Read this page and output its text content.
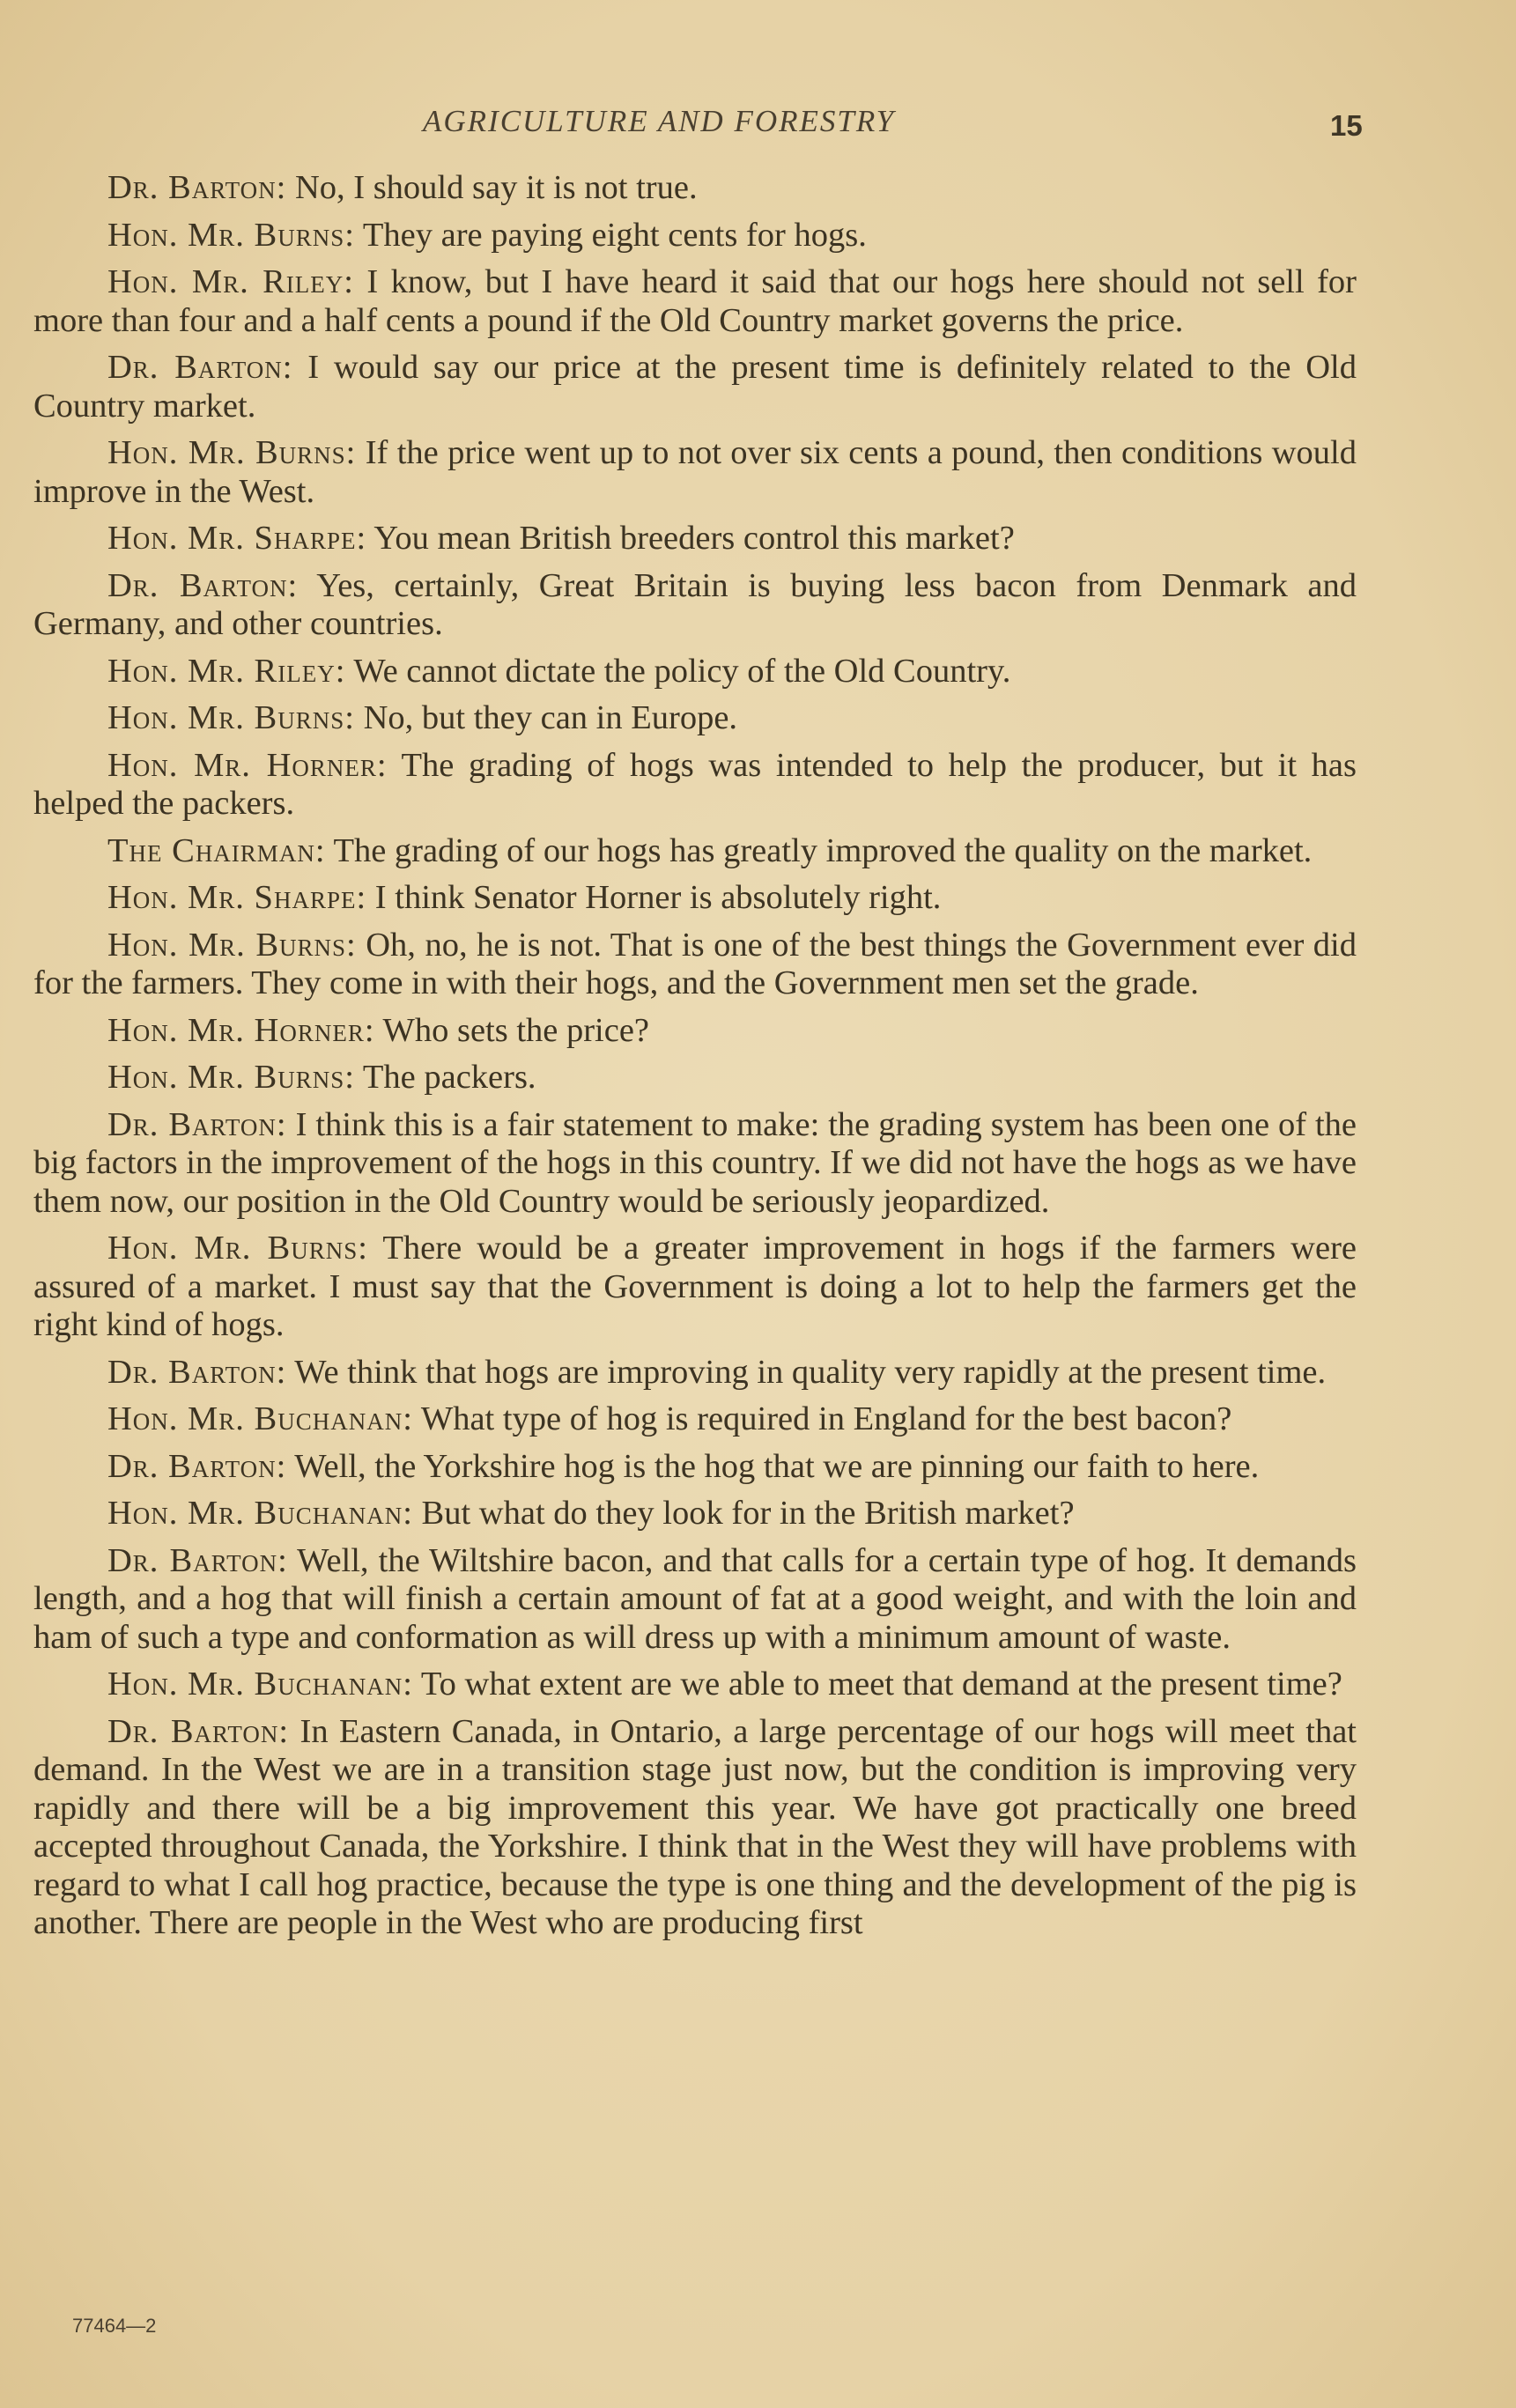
AGRICULTURE AND FORESTRY	15

Dr. Barton: No, I should say it is not true.

Hon. Mr. Burns: They are paying eight cents for hogs.

Hon. Mr. Riley: I know, but I have heard it said that our hogs here should not sell for more than four and a half cents a pound if the Old Country market governs the price.

Dr. Barton: I would say our price at the present time is definitely related to the Old Country market.

Hon. Mr. Burns: If the price went up to not over six cents a pound, then conditions would improve in the West.

Hon. Mr. Sharpe: You mean British breeders control this market?

Dr. Barton: Yes, certainly, Great Britain is buying less bacon from Denmark and Germany, and other countries.

Hon. Mr. Riley: We cannot dictate the policy of the Old Country.

Hon. Mr. Burns: No, but they can in Europe.

Hon. Mr. Horner: The grading of hogs was intended to help the producer, but it has helped the packers.

The Chairman: The grading of our hogs has greatly improved the quality on the market.

Hon. Mr. Sharpe: I think Senator Horner is absolutely right.

Hon. Mr. Burns: Oh, no, he is not. That is one of the best things the Government ever did for the farmers. They come in with their hogs, and the Government men set the grade.

Hon. Mr. Horner: Who sets the price?

Hon. Mr. Burns: The packers.

Dr. Barton: I think this is a fair statement to make: the grading system has been one of the big factors in the improvement of the hogs in this country. If we did not have the hogs as we have them now, our position in the Old Country would be seriously jeopardized.

Hon. Mr. Burns: There would be a greater improvement in hogs if the farmers were assured of a market. I must say that the Government is doing a lot to help the farmers get the right kind of hogs.

Dr. Barton: We think that hogs are improving in quality very rapidly at the present time.

Hon. Mr. Buchanan: What type of hog is required in England for the best bacon?

Dr. Barton: Well, the Yorkshire hog is the hog that we are pinning our faith to here.

Hon. Mr. Buchanan: But what do they look for in the British market?

Dr. Barton: Well, the Wiltshire bacon, and that calls for a certain type of hog. It demands length, and a hog that will finish a certain amount of fat at a good weight, and with the loin and ham of such a type and conformation as will dress up with a minimum amount of waste.

Hon. Mr. Buchanan: To what extent are we able to meet that demand at the present time?

Dr. Barton: In Eastern Canada, in Ontario, a large percentage of our hogs will meet that demand. In the West we are in a transition stage just now, but the condition is improving very rapidly and there will be a big improvement this year. We have got practically one breed accepted throughout Canada, the Yorkshire. I think that in the West they will have problems with regard to what I call hog practice, because the type is one thing and the development of the pig is another. There are people in the West who are producing first

77464—2
